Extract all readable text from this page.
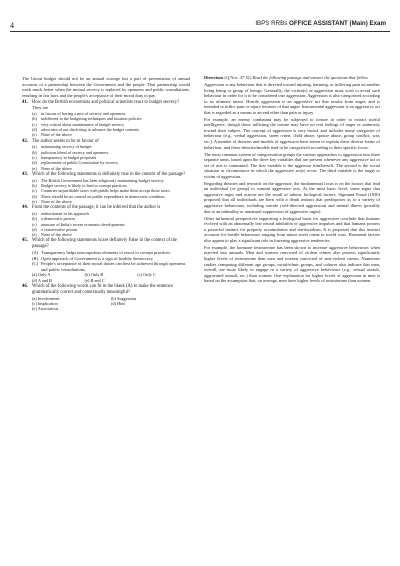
4	IBPS RRBs OFFICE ASSISTANT (Main) Exam

The Union budget should not be an annual scourge but a part of presentation of annual accounts of a partnership between the Government and the people. That partnership would work much better when the mutual secrecy is replaced by openness and public consultations, resulting in fair laws and the people's acceptance of their moral duty to pay.

41. How do the British economists and political scientists react to budget secrecy?
They are
(a)	in favour of having a mix of secrecy and openness
(b) indifferent to the budgeting techniques and taxation policies
(c)	very critical about maintenance of budget secrecy
(d) advocates of not disclosing in advance the budget contents
(e)	None of the above
42. The author seems to be in favour of
(a)	maintaining secrecy of budget
(b) judicious blend of secrecy and openness
(c)	transparency in budget proposals
(d) replacement of public Constitution by secrecy
(e)	None of the above
43. Which of the following statements is definitely true in the context of the passage?
(a)	The British Government has been religiously maintaining budget secrecy.
(b) Budget secrecy is likely to lead to corrupt practices.
(c)	Countries unjustifiable taxes with public helps make them accept those taxes.
(d) There should be no control on public expenditure in democratic condition.
(e)	None of the above
44. From the contents of the passage, it can be inferred that the author is
(a)	authoritarian in his approach
(b) a democratic person
(c)	unaware of India's recent economic developments
(d) a conservative person
(e)	None of the above
45. Which of the following statements is/are definitely False in the context of the passage?
(A) Transparency helps unscrupulous elements to resort to corrupt practices.
(B) Open approach of Government is a sign of healthy democracy.
(C) People's acceptance of their moral duties can best be achieved through openness and public consultations.
(a) Only A	(b) Only B	(c) Only C
(d) A and B	(e) B and C
46. Which of the following words can fit in the blank (A) to make the sentence grammatically correct and contextually meaningful?
(a) Involvement	(b) Suggestion
(c) Implication	(d) Hint
(e) Association

Directions (Q.Nos. 47-51) Read the following passage and answer the questions that follow.

Aggression is any behaviour that is directed toward injuring, harming, or inflicting pain on another living being or group of beings. Generally, the victim(s) of aggression must wish to avoid such behaviour in order for it to be considered true aggression. Aggression is also categorised according to its ultimate intent. Hostile aggression is an aggressive act that results from anger, and is intended to inflict pain or injury because of that anger. Instrumental aggression is an aggressive act that is regarded as a means to an end other than pain or injury.

For example, an enemy combatant may be subjected to torture in order to extract useful intelligence, though those inflicting the torture may have no real feelings of anger or animosity toward their subject. The concept of aggression is very broad, and includes many categories of behaviour (e.g., verbal aggression, street crime, child abuse, spouse abuse, group conflict, war, etc.). A number of theories and models of aggression have arisen to explain these diverse forms of behaviour, and these theories/models tend to be categorised according to their specific focus.

The most common system of categorisation groups the various approaches to aggression into three separate areas, based upon the three key variables that are present whenever any aggressive act or set of acts is committed. The first variable is the aggressor him/herself. The second is the social situation or circumstance in which the aggressive act(s) occur. The third variable is the target or victim of aggression.

Regarding theories and research on the aggressor, the fundamental focus is on the factors that lead an individual (or group) to commit aggressive acts. At the most basic level, some argue that aggressive urges and actions are the result of inborn, biological factors. Sigmund Freud (1930) proposed that all individuals are born with a death instinct that predisposes us to a variety of aggressive behaviours, including suicide (self-directed aggression) and mental illness (possibly due to an unhealthy or unnatural suppression of aggressive urges).

Other influential perspectives supporting a biological basis for aggression conclude that humans evolved with an abnormally low neural inhibition of aggressive impulses and that humans possess a powerful instinct for property accumulation and territorialism. It is proposed that this instinct accounts for hostile behaviours ranging from minor street crime to world wars. Hormonal factors also appear to play a significant role in fostering aggressive tendencies.

For example, the hormone testosterone has been shown to increase aggressive behaviours when injected into animals. Men and women convicted of violent crimes also possess significantly higher levels of testosterone than men and women convicted of non-violent crimes. Numerous studies comparing different age groups, racial/ethnic groups, and cultures also indicate that men, overall, are more likely to engage in a variety of aggressive behaviours (e.g., sexual assault, aggravated assault, etc.) than women. One explanation for higher levels of aggression in men is based on the assumption that, on average, men have higher levels of testosterone than women.
